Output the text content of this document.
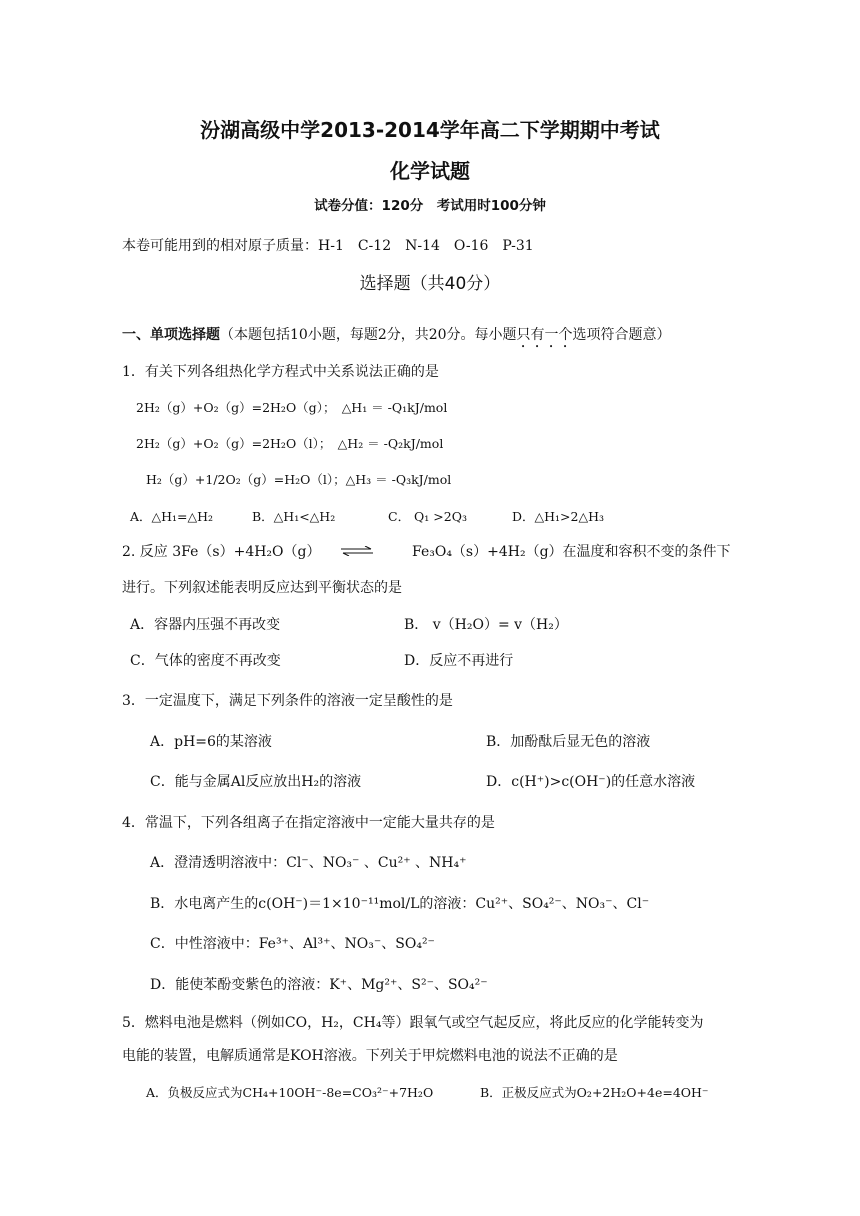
汾湖高级中学2013-2014学年高二下学期期中考试
化学试题
试卷分值：120分　考试用时100分钟
本卷可能用到的相对原子质量：H-1　C-12　N-14　O-16　P-31
选择题（共40分）
一、单项选择题（本题包括10小题，每题2分，共20分。每小题只有一个选项符合题意）
1．有关下列各组热化学方程式中关系说法正确的是
2H₂（g）+O₂（g）=2H₂O（g）；　△H₁ ＝ -Q₁kJ/mol
2H₂（g）+O₂（g）=2H₂O（l）；　△H₂ ＝ -Q₂kJ/mol
H₂（g）+1/2O₂（g）=H₂O（l）；△H₃ ＝ -Q₃kJ/mol
A．△H₁=△H₂	B．△H₁<△H₂	C． Q₁ >2Q₃	D．△H₁>2△H₃
2. 反应 3Fe（s）+4H₂O（g） ⇌	Fe₃O₄（s）+4H₂（g）在温度和容积不变的条件下
进行。下列叙述能表明反应达到平衡状态的是
A．容器内压强不再改变	B． v（H₂O）= v（H₂）
C．气体的密度不再改变	D．反应不再进行
3．一定温度下，满足下列条件的溶液一定呈酸性的是
A．pH=6的某溶液	B．加酚酞后显无色的溶液
C．能与金属Al反应放出H₂的溶液	D．c(H⁺)>c(OH⁻)的任意水溶液
4．常温下，下列各组离子在指定溶液中一定能大量共存的是
A．澄清透明溶液中：Cl⁻、NO₃⁻ 、Cu²⁺ 、NH₄⁺
B．水电离产生的c(OH⁻)＝1×10⁻¹¹mol/L的溶液：Cu²⁺、SO₄²⁻、NO₃⁻、Cl⁻
C．中性溶液中：Fe³⁺、Al³⁺、NO₃⁻、SO₄²⁻
D．能使苯酚变紫色的溶液：K⁺、Mg²⁺、S²⁻、SO₄²⁻
5．燃料电池是燃料（例如CO，H₂，CH₄等）跟氧气或空气起反应，将此反应的化学能转变为
电能的装置，电解质通常是KOH溶液。下列关于甲烷燃料电池的说法不正确的是
A．负极反应式为CH₄+10OH⁻-8e=CO₃²⁻+7H₂O	B．正极反应式为O₂+2H₂O+4e=4OH⁻
